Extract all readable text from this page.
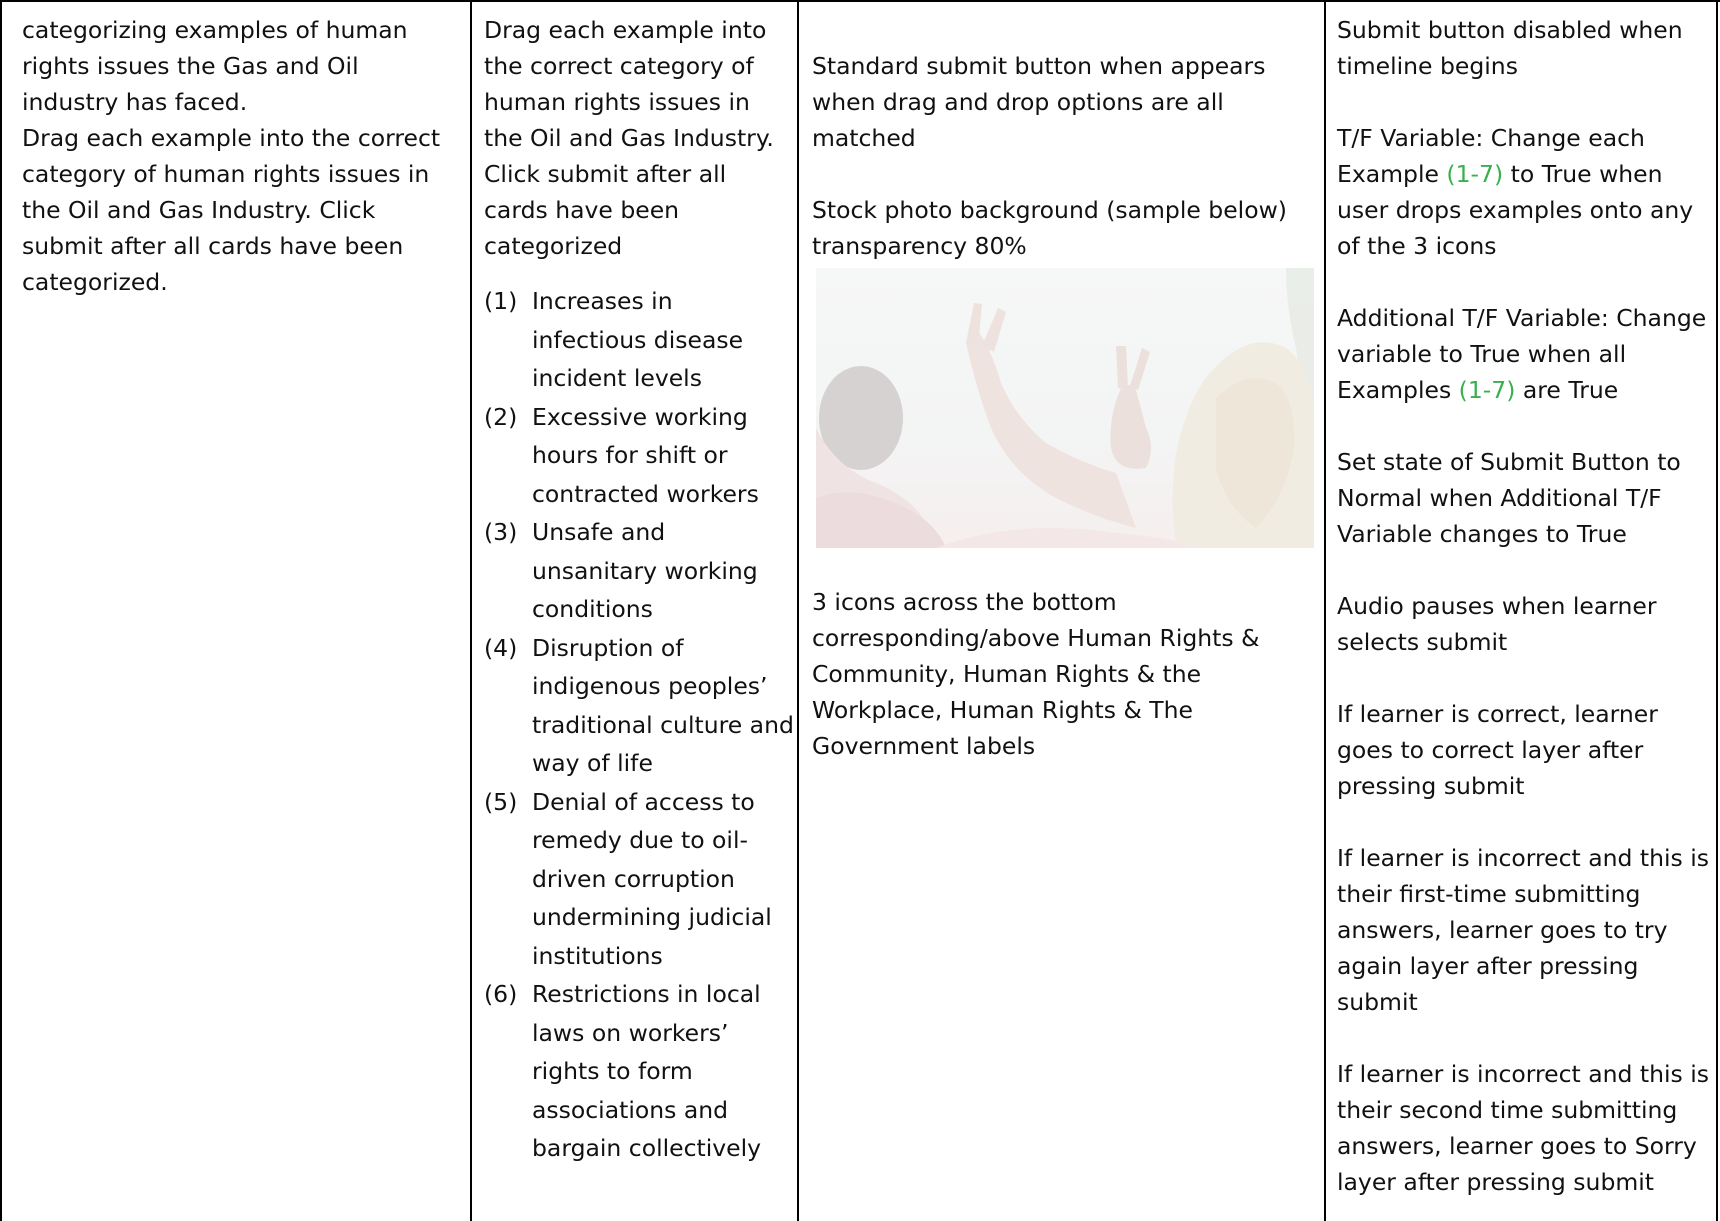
categorizing examples of human rights issues the Gas and Oil industry has faced.

Drag each example into the correct category of human rights issues in the Oil and Gas Industry. Click submit after all cards have been categorized.

Drag each example into the correct category of human rights issues in the Oil and Gas Industry. Click submit after all cards have been categorized

(1) Increases in infectious disease incident levels
(2) Excessive working hours for shift or contracted workers
(3) Unsafe and unsanitary working conditions
(4) Disruption of indigenous peoples’ traditional culture and way of life
(5) Denial of access to remedy due to oil-driven corruption undermining judicial institutions
(6) Restrictions in local laws on workers’ rights to form associations and bargain collectively

Standard submit button when appears when drag and drop options are all matched

Stock photo background (sample below) transparency 80%

3 icons across the bottom corresponding/above Human Rights & Community, Human Rights & the Workplace, Human Rights & The Government labels

Submit button disabled when timeline begins

T/F Variable: Change each Example (1-7) to True when user drops examples onto any of the 3 icons

Additional T/F Variable: Change variable to True when all Examples (1-7) are True

Set state of Submit Button to Normal when Additional T/F Variable changes to True

Audio pauses when learner selects submit

If learner is correct, learner goes to correct layer after pressing submit

If learner is incorrect and this is their first-time submitting answers, learner goes to try again layer after pressing submit

If learner is incorrect and this is their second time submitting answers, learner goes to Sorry layer after pressing submit
